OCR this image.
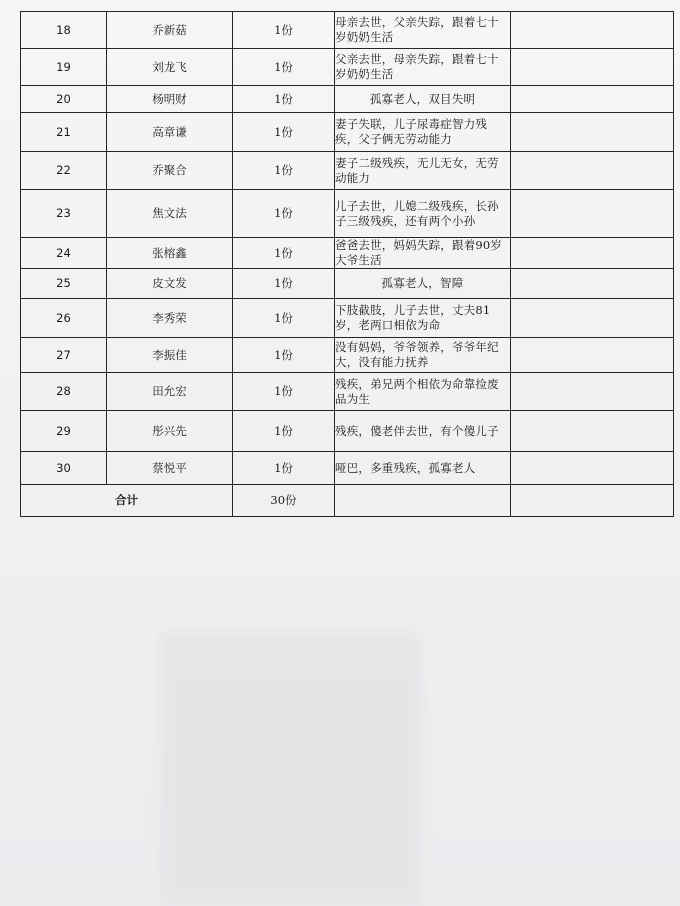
18	乔新菇	1份	母亲去世，父亲失踪，跟着七十岁奶奶生活	

19	刘龙飞	1份	父亲去世，母亲失踪，跟着七十岁奶奶生活	

20	杨明财	1份	孤寡老人，双目失明	

21	高章谦	1份	妻子失联，儿子尿毒症智力残疾，父子俩无劳动能力	

22	乔聚合	1份	妻子二级残疾，无儿无女，无劳动能力	

23	焦文法	1份	儿子去世，儿媳二级残疾，长孙子三级残疾，还有两个小孙	

24	张榕鑫	1份	爸爸去世，妈妈失踪，跟着90岁大爷生活	

25	皮文发	1份	孤寡老人，智障	

26	李秀荣	1份	下肢截肢，儿子去世，丈夫81岁，老两口相依为命	

27	李振佳	1份	没有妈妈，爷爷领养，爷爷年纪大，没有能力抚养	

28	田允宏	1份	残疾，弟兄两个相依为命靠捡废品为生	

29	彤兴先	1份	残疾，傻老伴去世，有个傻儿子	

30	蔡悦平	1份	哑巴，多重残疾，孤寡老人	

合计		30份		
